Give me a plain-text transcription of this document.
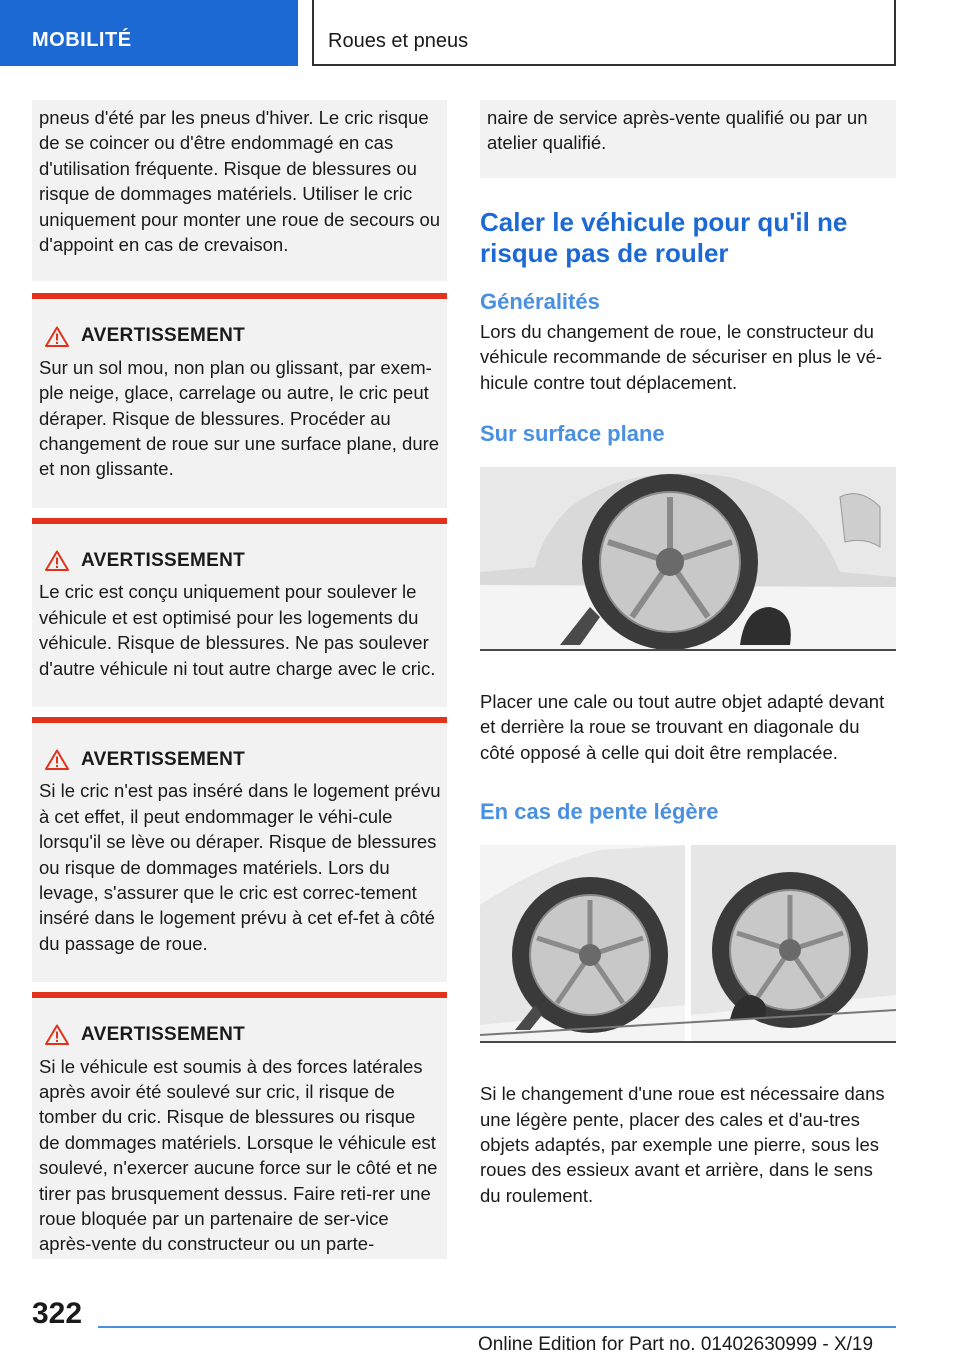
MOBILITÉ	Roues et pneus

pneus d'été par les pneus d'hiver. Le cric risque de se coincer ou d'être endommagé en cas d'utilisation fréquente. Risque de blessures ou risque de dommages matériels. Utiliser le cric uniquement pour monter une roue de secours ou d'appoint en cas de crevaison.

AVERTISSEMENT

Sur un sol mou, non plan ou glissant, par exem-ple neige, glace, carrelage ou autre, le cric peut déraper. Risque de blessures. Procéder au changement de roue sur une surface plane, dure et non glissante.

AVERTISSEMENT

Le cric est conçu uniquement pour soulever le véhicule et est optimisé pour les logements du véhicule. Risque de blessures. Ne pas soulever d'autre véhicule ni tout autre charge avec le cric.

AVERTISSEMENT

Si le cric n'est pas inséré dans le logement prévu à cet effet, il peut endommager le véhi-cule lorsqu'il se lève ou déraper. Risque de blessures ou risque de dommages matériels. Lors du levage, s'assurer que le cric est correc-tement inséré dans le logement prévu à cet ef-fet à côté du passage de roue.

AVERTISSEMENT

Si le véhicule est soumis à des forces latérales après avoir été soulevé sur cric, il risque de tomber du cric. Risque de blessures ou risque de dommages matériels. Lorsque le véhicule est soulevé, n'exercer aucune force sur le côté et ne tirer pas brusquement dessus. Faire reti-rer une roue bloquée par un partenaire de ser-vice après-vente du constructeur ou un parte-

naire de service après-vente qualifié ou par un atelier qualifié.

Caler le véhicule pour qu'il ne risque pas de rouler
Généralités

Lors du changement de roue, le constructeur du véhicule recommande de sécuriser en plus le vé-hicule contre tout déplacement.

Sur surface plane

Placer une cale ou tout autre objet adapté devant et derrière la roue se trouvant en diagonale du côté opposé à celle qui doit être remplacée.

En cas de pente légère

Si le changement d'une roue est nécessaire dans une légère pente, placer des cales et d'au-tres objets adaptés, par exemple une pierre, sous les roues des essieux avant et arrière, dans le sens du roulement.

322
Online Edition for Part no. 01402630999 - X/19
